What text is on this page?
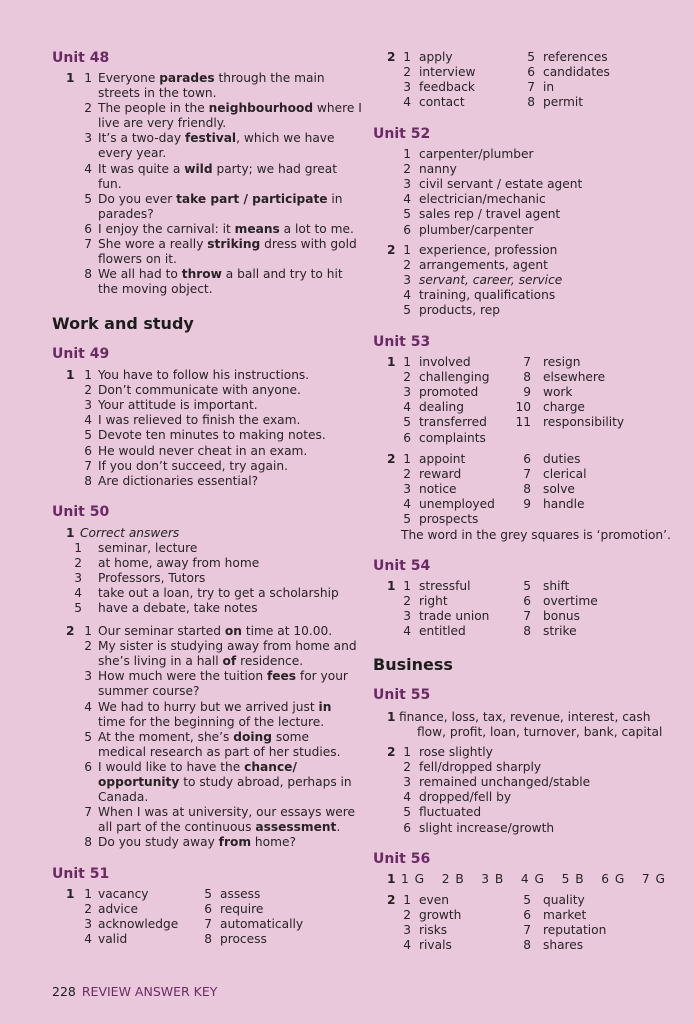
Unit 48
1 1 Everyone parades through the main streets in the town.
2 The people in the neighbourhood where I live are very friendly.
3 It’s a two-day festival, which we have every year.
4 It was quite a wild party; we had great fun.
5 Do you ever take part / participate in parades?
6 I enjoy the carnival: it means a lot to me.
7 She wore a really striking dress with gold flowers on it.
8 We all had to throw a ball and try to hit the moving object.
Work and study
Unit 49
1 1 You have to follow his instructions.
2 Don’t communicate with anyone.
3 Your attitude is important.
4 I was relieved to finish the exam.
5 Devote ten minutes to making notes.
6 He would never cheat in an exam.
7 If you don’t succeed, try again.
8 Are dictionaries essential?
Unit 50
1 Correct answers
1 seminar, lecture
2 at home, away from home
3 Professors, Tutors
4 take out a loan, try to get a scholarship
5 have a debate, take notes
2 1 Our seminar started on time at 10.00.
2 My sister is studying away from home and she’s living in a hall of residence.
3 How much were the tuition fees for your summer course?
4 We had to hurry but we arrived just in time for the beginning of the lecture.
5 At the moment, she’s doing some medical research as part of her studies.
6 I would like to have the chance/ opportunity to study abroad, perhaps in Canada.
7 When I was at university, our essays were all part of the continuous assessment.
8 Do you study away from home?
Unit 51
1 1 vacancy	5 assess
2 advice	6 require
3 acknowledge	7 automatically
4 valid	8 process
2 1 apply	5 references
2 interview	6 candidates
3 feedback	7 in
4 contact	8 permit
Unit 52
1 carpenter/plumber
2 nanny
3 civil servant / estate agent
4 electrician/mechanic
5 sales rep / travel agent
6 plumber/carpenter
2 1 experience, profession
2 arrangements, agent
3 servant, career, service
4 training, qualifications
5 products, rep
Unit 53
1 1 involved	7 resign
2 challenging	8 elsewhere
3 promoted	9 work
4 dealing	10 charge
5 transferred	11 responsibility
6 complaints
2 1 appoint	6 duties
2 reward	7 clerical
3 notice	8 solve
4 unemployed	9 handle
5 prospects
The word in the grey squares is ‘promotion’.
Unit 54
1 1 stressful	5 shift
2 right	6 overtime
3 trade union	7 bonus
4 entitled	8 strike
Business
Unit 55
1 finance, loss, tax, revenue, interest, cash flow, profit, loan, turnover, bank, capital
2 1 rose slightly
2 fell/dropped sharply
3 remained unchanged/stable
4 dropped/fell by
5 fluctuated
6 slight increase/growth
Unit 56
1 1 G   2 B   3 B   4 G   5 B   6 G   7 G
2 1 even	5 quality
2 growth	6 market
3 risks	7 reputation
4 rivals	8 shares
228 REVIEW ANSWER KEY
